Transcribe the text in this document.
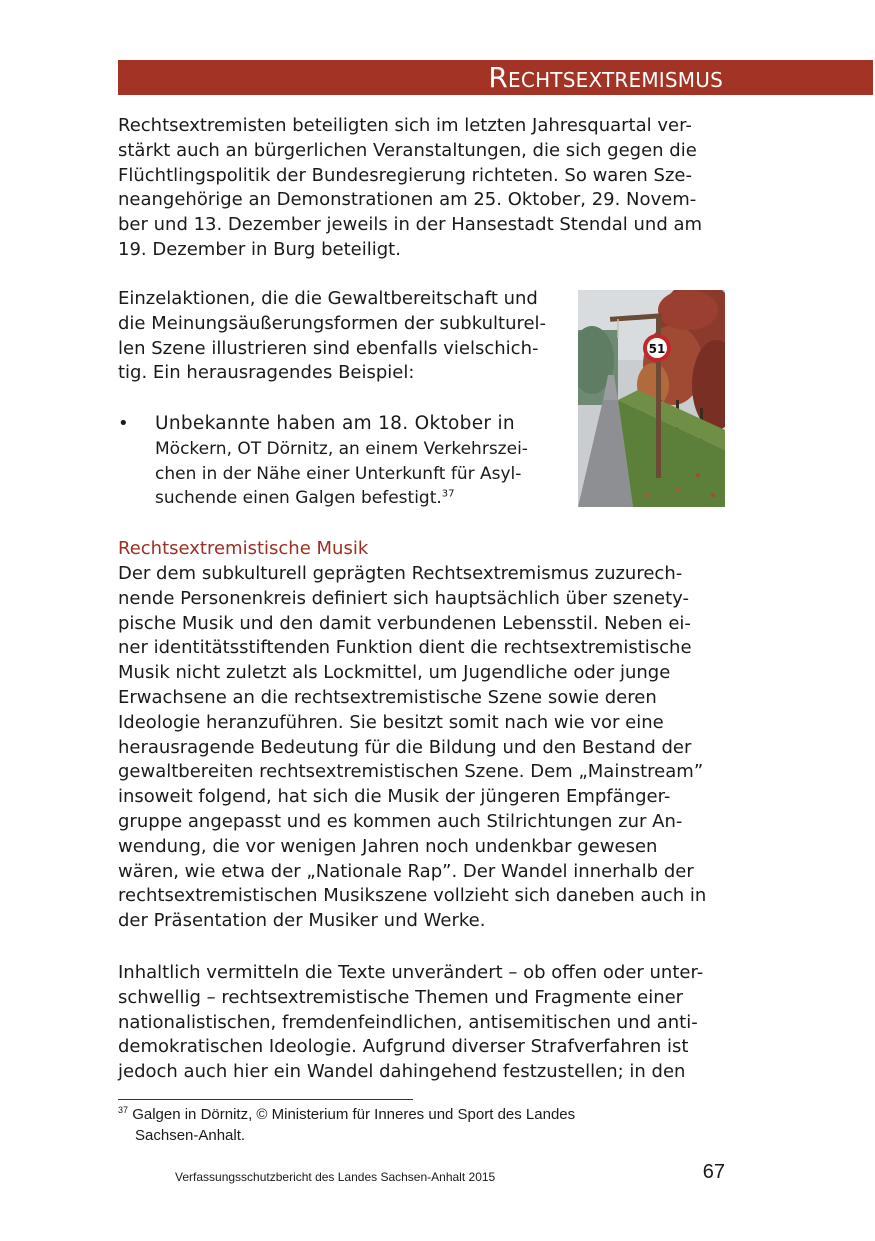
Rechtsextremismus

Rechtsextremisten beteiligten sich im letzten Jahresquartal ver-
stärkt auch an bürgerlichen Veranstaltungen, die sich gegen die
Flüchtlingspolitik der Bundesregierung richteten. So waren Sze-
neangehörige an Demonstrationen am 25. Oktober, 29. Novem-
ber und 13. Dezember jeweils in der Hansestadt Stendal und am
19. Dezember in Burg beteiligt.

Einzelaktionen, die die Gewaltbereitschaft und
die Meinungsäußerungsformen der subkulturel-
len Szene illustrieren sind ebenfalls vielschich-
tig. Ein herausragendes Beispiel:

51
• Unbekannte haben am 18. Oktober in
Möckern, OT Dörnitz, an einem Verkehrszei-
chen in der Nähe einer Unterkunft für Asyl-
suchende einen Galgen befestigt.$^{37}$
Rechtsextremistische Musik

Der dem subkulturell geprägten Rechtsextremismus zuzurech-
nende Personenkreis definiert sich hauptsächlich über szenety-
pische Musik und den damit verbundenen Lebensstil. Neben ei-
ner identitätsstiftenden Funktion dient die rechtsextremistische
Musik nicht zuletzt als Lockmittel, um Jugendliche oder junge
Erwachsene an die rechtsextremistische Szene sowie deren
Ideologie heranzuführen. Sie besitzt somit nach wie vor eine
herausragende Bedeutung für die Bildung und den Bestand der
gewaltbereiten rechtsextremistischen Szene. Dem „Mainstream”
insoweit folgend, hat sich die Musik der jüngeren Empfänger-
gruppe angepasst und es kommen auch Stilrichtungen zur An-
wendung, die vor wenigen Jahren noch undenkbar gewesen
wären, wie etwa der „Nationale Rap”. Der Wandel innerhalb der
rechtsextremistischen Musikszene vollzieht sich daneben auch in
der Präsentation der Musiker und Werke.

Inhaltlich vermitteln die Texte unverändert – ob offen oder unter-
schwellig – rechtsextremistische Themen und Fragmente einer
nationalistischen, fremdenfeindlichen, antisemitischen und anti-
demokratischen Ideologie. Aufgrund diverser Strafverfahren ist
jedoch auch hier ein Wandel dahingehend festzustellen; in den

$^{37}$ Galgen in Dörnitz, © Ministerium für Inneres und Sport des Landes
Sachsen-Anhalt.
Verfassungsschutzbericht des Landes Sachsen-Anhalt 2015	67
